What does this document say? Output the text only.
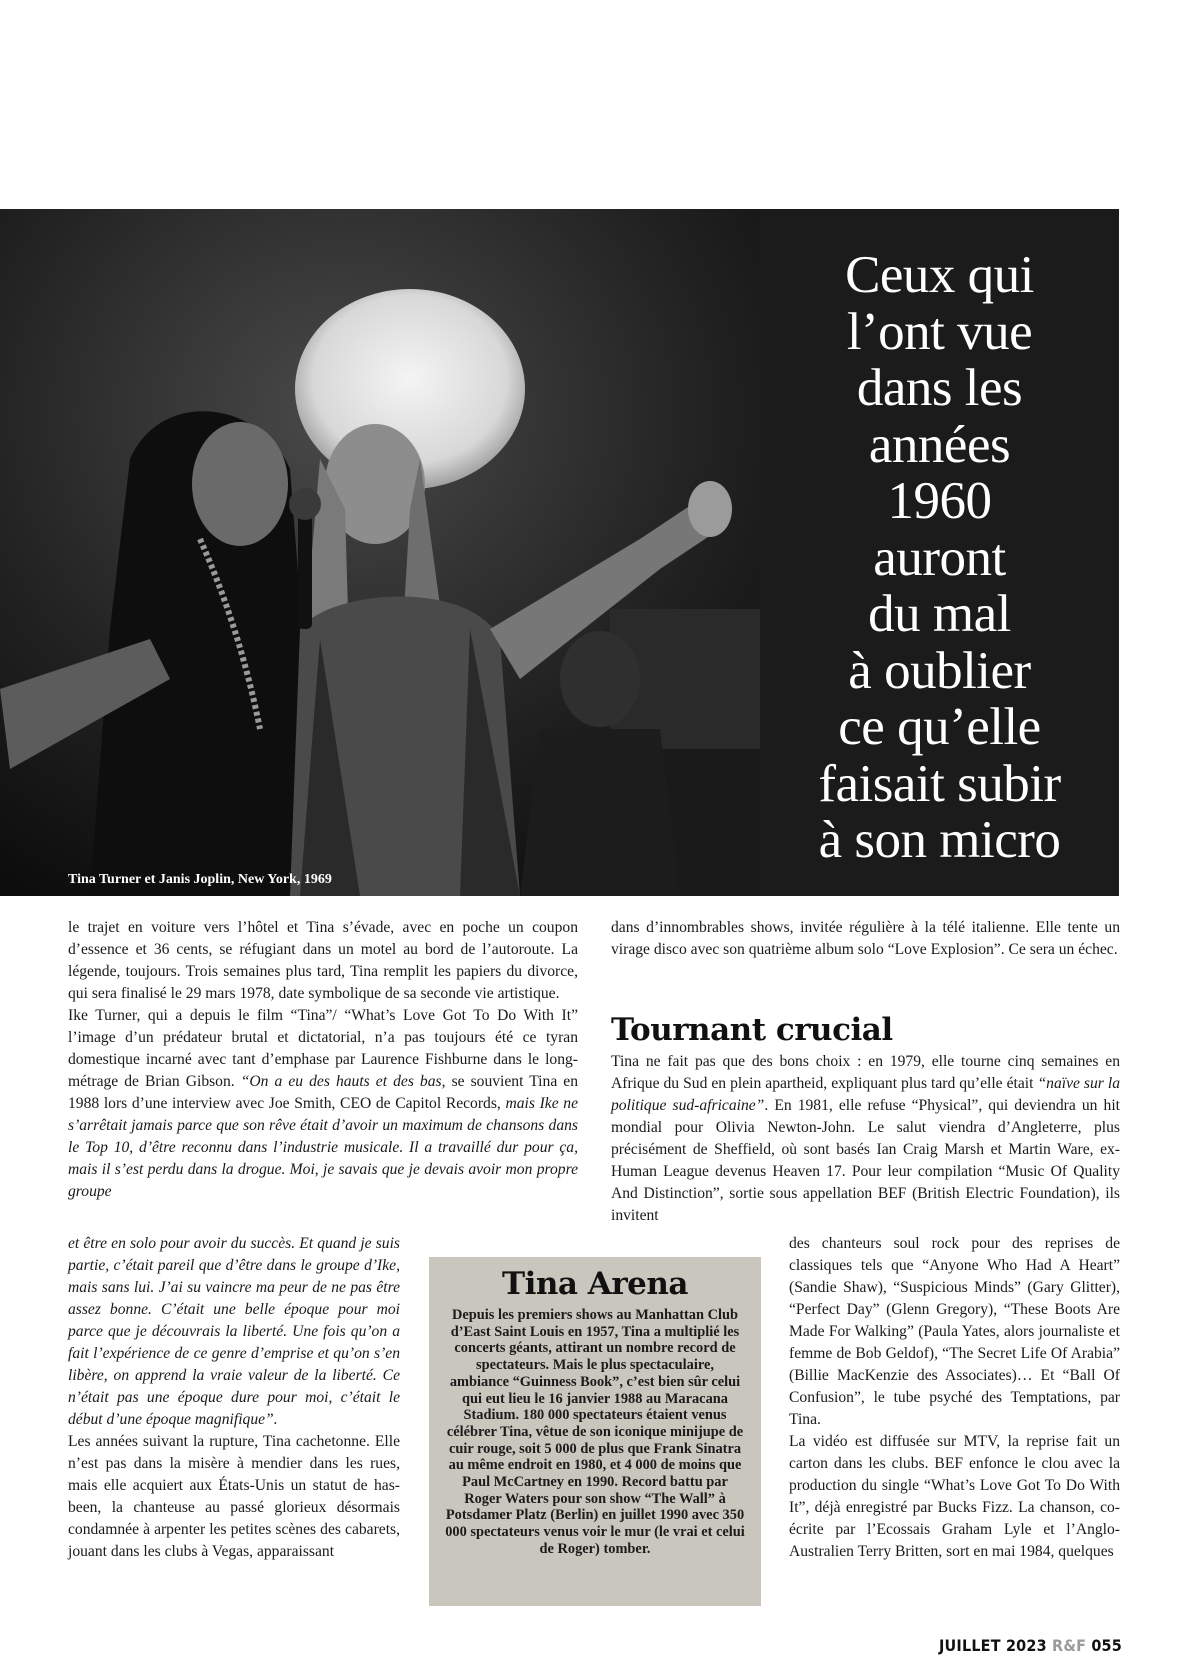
Tina Turner et Janis Joplin, New York, 1969
Ceux qui
l’ont vue
dans les
années
1960
auront
du mal
à oublier
ce qu’elle
faisait subir
à son micro

le trajet en voiture vers l’hôtel et Tina s’évade, avec en poche un coupon d’essence et 36 cents, se réfugiant dans un motel au bord de l’autoroute. La légende, toujours. Trois semaines plus tard, Tina remplit les papiers du divorce, qui sera finalisé le 29 mars 1978, date symbolique de sa seconde vie artistique.

Ike Turner, qui a depuis le film “Tina”/ “What’s Love Got To Do With It” l’image d’un prédateur brutal et dictatorial, n’a pas toujours été ce tyran domestique incarné avec tant d’emphase par Laurence Fishburne dans le long-métrage de Brian Gibson. “On a eu des hauts et des bas, se souvient Tina en 1988 lors d’une interview avec Joe Smith, CEO de Capitol Records, mais Ike ne s’arrêtait jamais parce que son rêve était d’avoir un maximum de chansons dans le Top 10, d’être reconnu dans l’industrie musicale. Il a travaillé dur pour ça, mais il s’est perdu dans la drogue. Moi, je savais que je devais avoir mon propre groupe

et être en solo pour avoir du succès. Et quand je suis partie, c’était pareil que d’être dans le groupe d’Ike, mais sans lui. J’ai su vaincre ma peur de ne pas être assez bonne. C’était une belle époque pour moi parce que je découvrais la liberté. Une fois qu’on a fait l’expérience de ce genre d’emprise et qu’on s’en libère, on apprend la vraie valeur de la liberté. Ce n’était pas une époque dure pour moi, c’était le début d’une époque magnifique”.

Les années suivant la rupture, Tina cachetonne. Elle n’est pas dans la misère à mendier dans les rues, mais elle acquiert aux États-Unis un statut de has-been, la chanteuse au passé glorieux désormais condamnée à arpenter les petites scènes des cabarets, jouant dans les clubs à Vegas, apparaissant

dans d’innombrables shows, invitée régulière à la télé italienne. Elle tente un virage disco avec son quatrième album solo “Love Explosion”. Ce sera un échec.

Tournant crucial

Tina ne fait pas que des bons choix : en 1979, elle tourne cinq semaines en Afrique du Sud en plein apartheid, expliquant plus tard qu’elle était “naïve sur la politique sud-africaine”. En 1981, elle refuse “Physical”, qui deviendra un hit mondial pour Olivia Newton-John. Le salut viendra d’Angleterre, plus précisément de Sheffield, où sont basés Ian Craig Marsh et Martin Ware, ex-Human League devenus Heaven 17. Pour leur compilation “Music Of Quality And Distinction”, sortie sous appellation BEF (British Electric Foundation), ils invitent

des chanteurs soul rock pour des reprises de classiques tels que “Anyone Who Had A Heart” (Sandie Shaw), “Suspicious Minds” (Gary Glitter), “Perfect Day” (Glenn Gregory), “These Boots Are Made For Walking” (Paula Yates, alors journaliste et femme de Bob Geldof), “The Secret Life Of Arabia” (Billie MacKenzie des Associates)… Et “Ball Of Confusion”, le tube psyché des Temptations, par Tina.

La vidéo est diffusée sur MTV, la reprise fait un carton dans les clubs. BEF enfonce le clou avec la production du single “What’s Love Got To Do With It”, déjà enregistré par Bucks Fizz. La chanson, co-écrite par l’Ecossais Graham Lyle et l’Anglo-Australien Terry Britten, sort en mai 1984, quelques

Tina Arena

Depuis les premiers shows au Manhattan Club d’East Saint Louis en 1957, Tina a multiplié les concerts géants, attirant un nombre record de spectateurs. Mais le plus spectaculaire, ambiance “Guinness Book”, c’est bien sûr celui qui eut lieu le 16 janvier 1988 au Maracana Stadium. 180 000 spectateurs étaient venus célébrer Tina, vêtue de son iconique minijupe de cuir rouge, soit 5 000 de plus que Frank Sinatra au même endroit en 1980, et 4 000 de moins que Paul McCartney en 1990. Record battu par Roger Waters pour son show “The Wall” à Potsdamer Platz (Berlin) en juillet 1990 avec 350 000 spectateurs venus voir le mur (le vrai et celui de Roger) tomber.

JUILLET 2023 R&F 055
